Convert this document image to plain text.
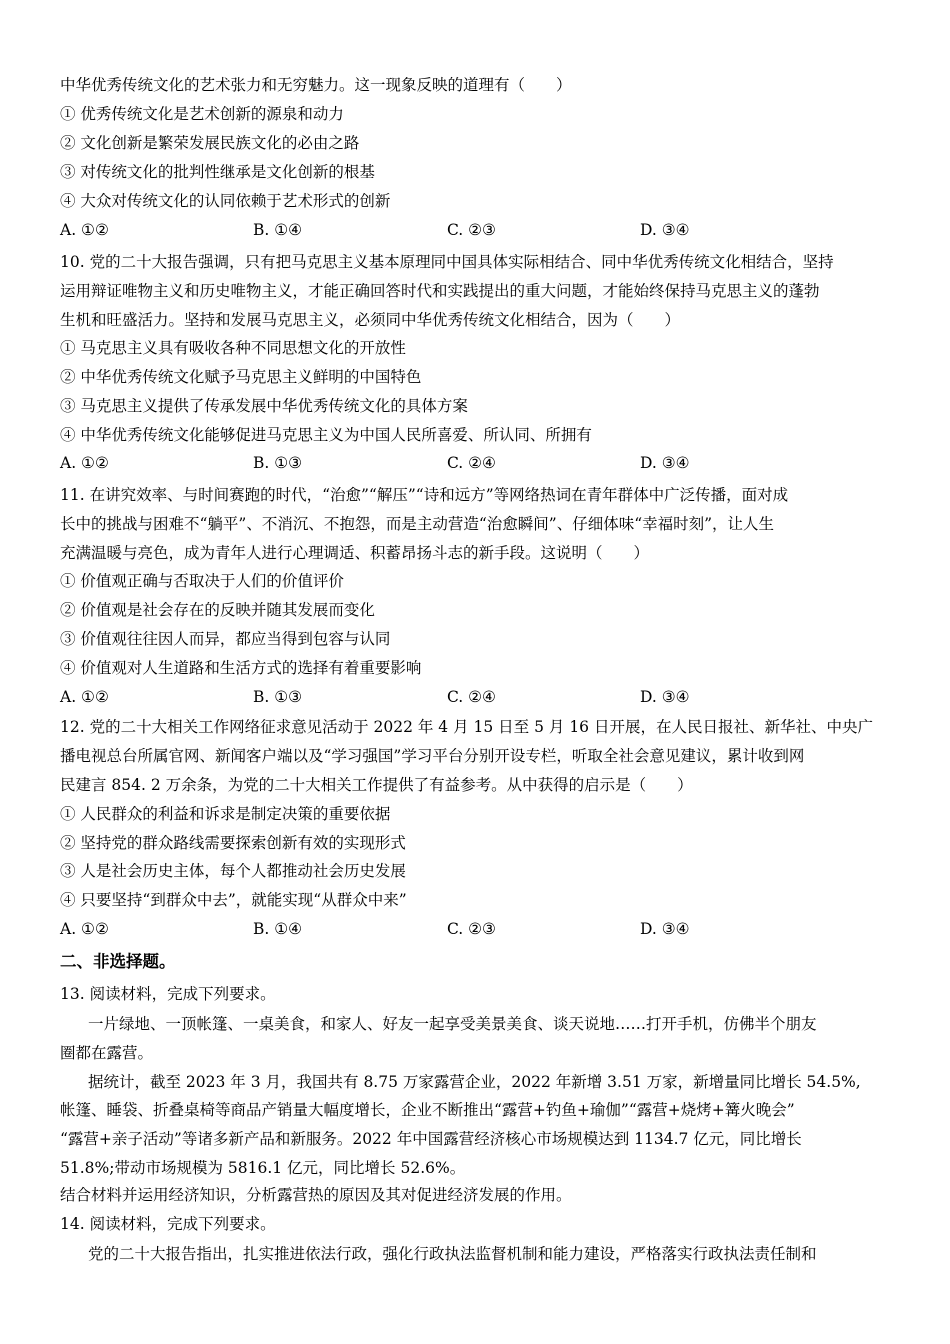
中华优秀传统文化的艺术张力和无穷魅力。这一现象反映的道理有（　　）
① 优秀传统文化是艺术创新的源泉和动力
② 文化创新是繁荣发展民族文化的必由之路
③ 对传统文化的批判性继承是文化创新的根基
④ 大众对传统文化的认同依赖于艺术形式的创新
A. ①②	B. ①④	C. ②③	D. ③④
10. 党的二十大报告强调，只有把马克思主义基本原理同中国具体实际相结合、同中华优秀传统文化相结合，坚持
运用辩证唯物主义和历史唯物主义，才能正确回答时代和实践提出的重大问题，才能始终保持马克思主义的蓬勃
生机和旺盛活力。坚持和发展马克思主义，必须同中华优秀传统文化相结合，因为（　　）
① 马克思主义具有吸收各种不同思想文化的开放性
② 中华优秀传统文化赋予马克思主义鲜明的中国特色
③ 马克思主义提供了传承发展中华优秀传统文化的具体方案
④ 中华优秀传统文化能够促进马克思主义为中国人民所喜爱、所认同、所拥有
A. ①②	B. ①③	C. ②④	D. ③④
11. 在讲究效率、与时间赛跑的时代，“治愈”“解压”“诗和远方”等网络热词在青年群体中广泛传播，面对成
长中的挑战与困难不“躺平”、不消沉、不抱怨，而是主动营造“治愈瞬间”、仔细体味“幸福时刻”，让人生
充满温暖与亮色，成为青年人进行心理调适、积蓄昂扬斗志的新手段。这说明（　　）
① 价值观正确与否取决于人们的价值评价
② 价值观是社会存在的反映并随其发展而变化
③ 价值观往往因人而异，都应当得到包容与认同
④ 价值观对人生道路和生活方式的选择有着重要影响
A. ①②	B. ①③	C. ②④	D. ③④
12. 党的二十大相关工作网络征求意见活动于 2022 年 4 月 15 日至 5 月 16 日开展，在人民日报社、新华社、中央广
播电视总台所属官网、新闻客户端以及“学习强国”学习平台分别开设专栏，听取全社会意见建议，累计收到网
民建言 854. 2 万余条，为党的二十大相关工作提供了有益参考。从中获得的启示是（　　）
① 人民群众的利益和诉求是制定决策的重要依据
② 坚持党的群众路线需要探索创新有效的实现形式
③ 人是社会历史主体，每个人都推动社会历史发展
④ 只要坚持“到群众中去”，就能实现“从群众中来”
A. ①②	B. ①④	C. ②③	D. ③④
二、非选择题。
13. 阅读材料，完成下列要求。
一片绿地、一顶帐篷、一桌美食，和家人、好友一起享受美景美食、谈天说地……打开手机，仿佛半个朋友
圈都在露营。
据统计，截至 2023 年 3 月，我国共有 8.75 万家露营企业，2022 年新增 3.51 万家，新增量同比增长 54.5%,
帐篷、睡袋、折叠桌椅等商品产销量大幅度增长，企业不断推出“露营+钓鱼+瑜伽”“露营+烧烤+篝火晚会”
“露营+亲子活动”等诸多新产品和新服务。2022 年中国露营经济核心市场规模达到 1134.7 亿元，同比增长
51.8%;带动市场规模为 5816.1 亿元，同比增长 52.6%。
结合材料并运用经济知识，分析露营热的原因及其对促进经济发展的作用。
14. 阅读材料，完成下列要求。
党的二十大报告指出，扎实推进依法行政，强化行政执法监督机制和能力建设，严格落实行政执法责任制和
